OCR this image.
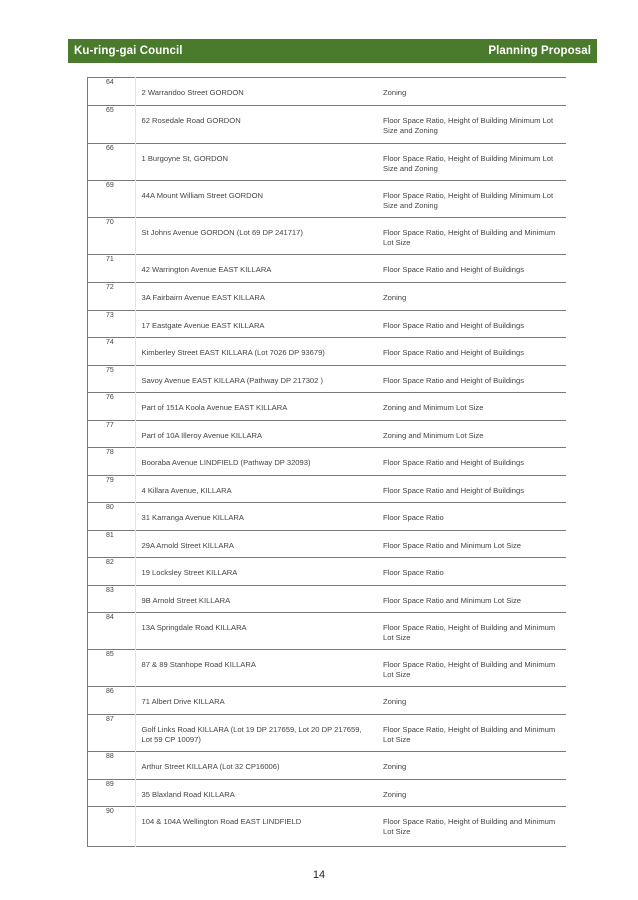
Ku-ring-gai Council	Planning Proposal
64	2 Warrandoo Street GORDON	Zoning
65	62 Rosedale Road GORDON	Floor Space Ratio, Height of Building Minimum Lot Size and Zoning
66	1 Burgoyne St, GORDON	Floor Space Ratio, Height of Building Minimum Lot Size and Zoning
69	44A Mount William Street GORDON	Floor Space Ratio, Height of Building Minimum Lot Size and Zoning
70	St Johns Avenue GORDON (Lot 69 DP 241717)	Floor Space Ratio, Height of Building and Minimum Lot Size
71	42 Warrington Avenue EAST KILLARA	Floor Space Ratio and Height of Buildings
72	3A Fairbairn Avenue EAST KILLARA	Zoning
73	17 Eastgate Avenue EAST KILLARA	Floor Space Ratio and Height of Buildings
74	Kimberley Street EAST KILLARA (Lot 7026 DP 93679)	Floor Space Ratio and Height of Buildings
75	Savoy Avenue EAST KILLARA (Pathway DP 217302 )	Floor Space Ratio and Height of Buildings
76	Part of 151A Koola Avenue EAST KILLARA	Zoning and Minimum Lot Size
77	Part of 10A Illeroy Avenue KILLARA	Zoning and Minimum Lot Size
78	Booraba Avenue LINDFIELD (Pathway DP 32093)	Floor Space Ratio and Height of Buildings
79	4 Killara Avenue, KILLARA	Floor Space Ratio and Height of Buildings
80	31 Karranga Avenue KILLARA	Floor Space Ratio
81	29A Arnold Street KILLARA	Floor Space Ratio and Minimum Lot Size
82	19 Locksley Street KILLARA	Floor Space Ratio
83	9B Arnold Street KILLARA	Floor Space Ratio and Minimum Lot Size
84	13A Springdale Road KILLARA	Floor Space Ratio, Height of Building and Minimum Lot Size
85	87 & 89 Stanhope Road KILLARA	Floor Space Ratio, Height of Building and Minimum Lot Size
86	71 Albert Drive KILLARA	Zoning
87	Golf Links Road KILLARA (Lot 19 DP 217659, Lot 20 DP 217659, Lot 59 CP 10097)	Floor Space Ratio, Height of Building and Minimum Lot Size
88	Arthur Street KILLARA (Lot 32 CP16006)	Zoning
89	35 Blaxland Road KILLARA	Zoning
90	104 & 104A Wellington Road EAST LINDFIELD	Floor Space Ratio, Height of Building and Minimum Lot Size
14
